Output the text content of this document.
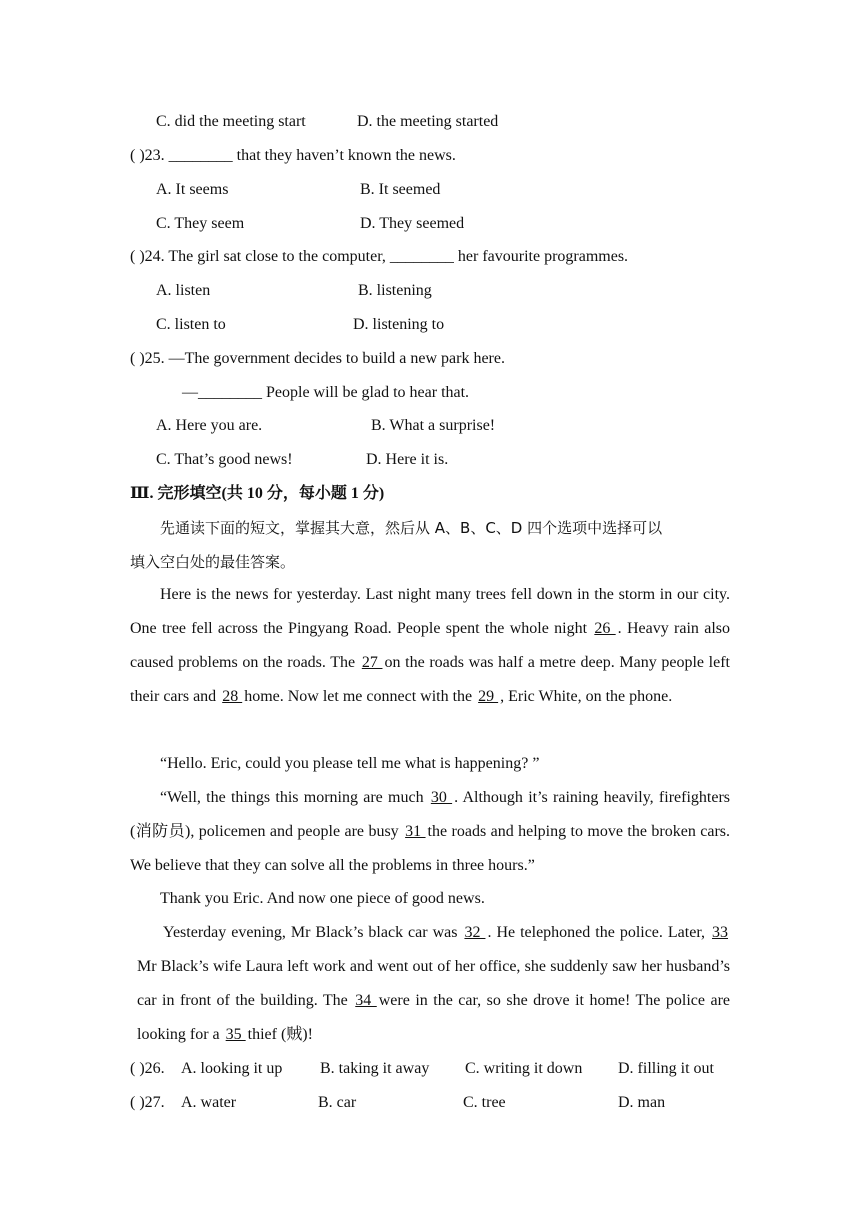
C. did the meeting start	D. the meeting started
( )23. ________ that they haven’t known the news.
A. It seems	B. It seemed
C. They seem	D. They seemed
( )24. The girl sat close to the computer, ________ her favourite programmes.
A. listen	B. listening
C. listen to	D. listening to
( )25. —The government decides to build a new park here.
—________ People will be glad to hear that.
A. Here you are.	B. What a surprise!
C. That’s good news!	D. Here it is.
Ⅲ. 完形填空(共 10 分，每小题 1 分)
先通读下面的短文，掌握其大意，然后从 A、B、C、D 四个选项中选择可以
填入空白处的最佳答案。
Here is the news for yesterday. Last night many trees fell down in the storm in our city. One tree fell across the Pingyang Road. People spent the whole night 26 . Heavy rain also caused problems on the roads. The 27 on the roads was half a metre deep. Many people left their cars and 28 home. Now let me connect with the 29 , Eric White, on the phone.
“Hello. Eric, could you please tell me what is happening? ”
“Well, the things this morning are much 30 . Although it’s raining heavily, firefighters (消防员), policemen and people are busy 31 the roads and helping to move the broken cars. We believe that they can solve all the problems in three hours.”
Thank you Eric. And now one piece of good news.
Yesterday evening, Mr Black’s black car was 32 . He telephoned the police. Later, 33 Mr Black’s wife Laura left work and went out of her office, she suddenly saw her husband’s car in front of the building. The 34 were in the car, so she drove it home! The police are looking for a 35 thief (贼)!
( )26. A. looking it up B. taking it away C. writing it down D. filling it out
( )27. A. water	B. car	C. tree	D. man
